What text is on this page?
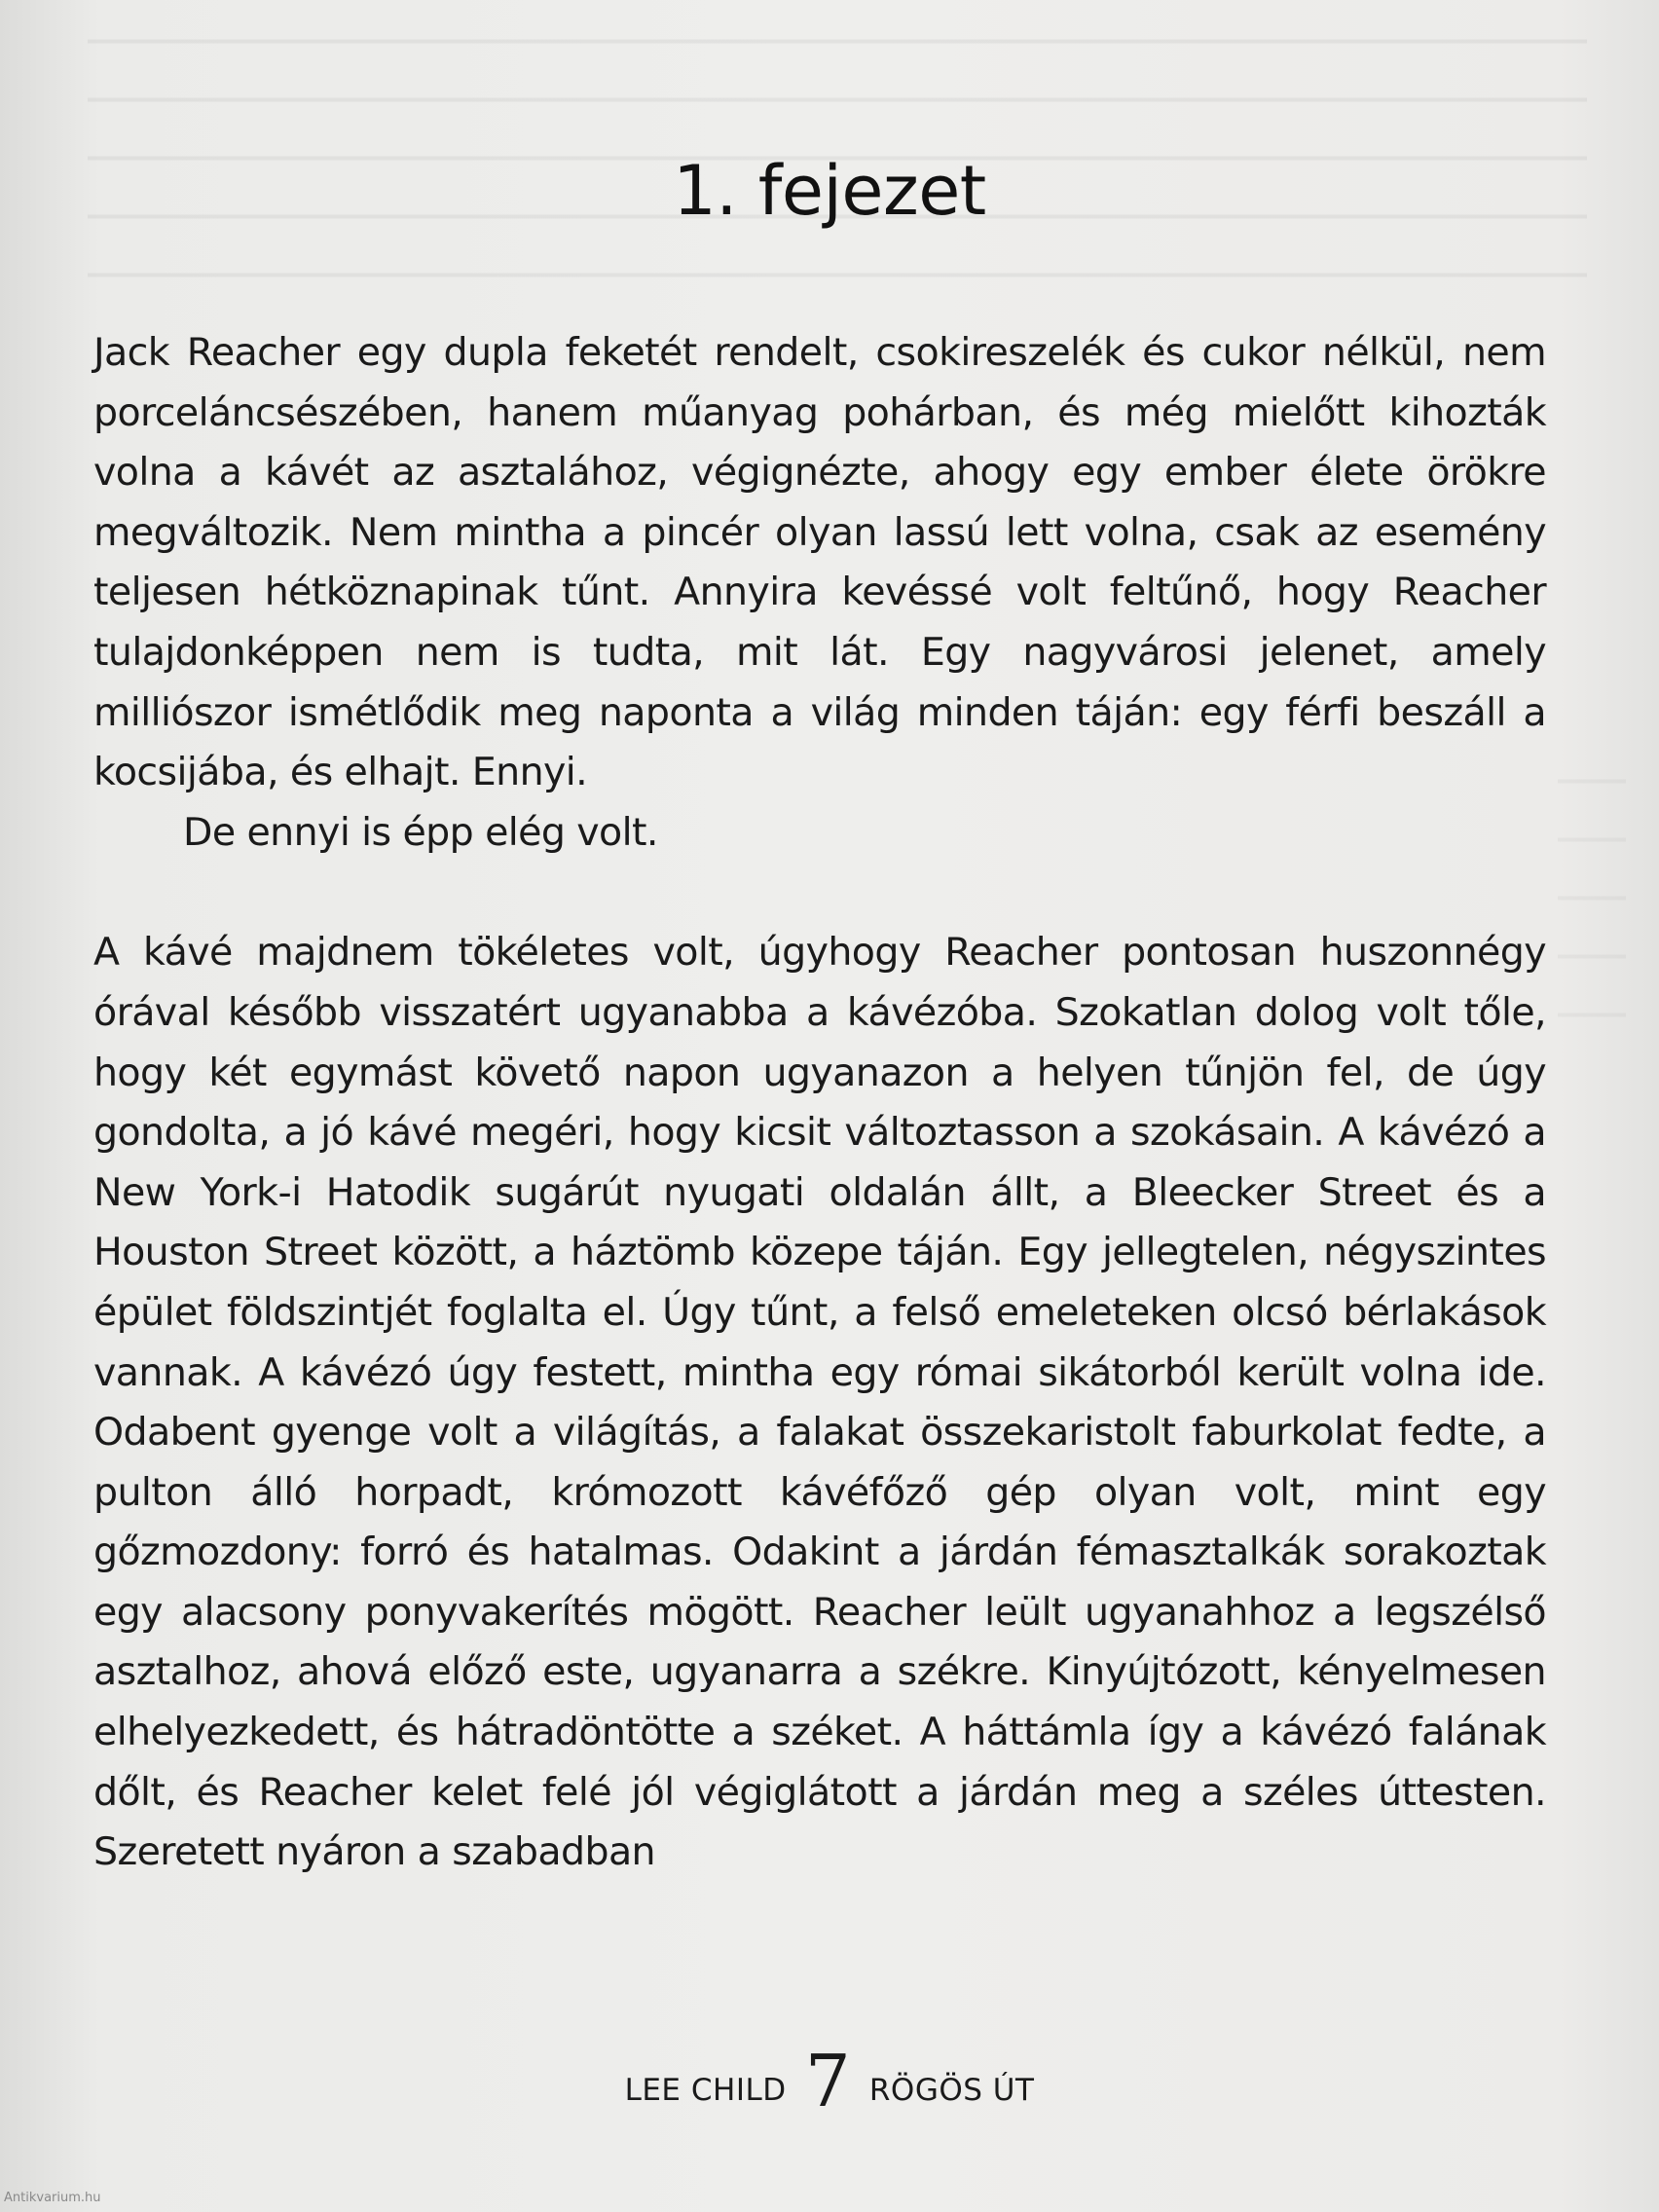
1. fejezet

Jack Reacher egy dupla feketét rendelt, csokireszelék és cukor nélkül, nem porceláncsészében, hanem műanyag pohárban, és még mielőtt kihozták volna a kávét az asztalához, végignézte, ahogy egy ember élete örökre megváltozik. Nem mintha a pincér olyan lassú lett volna, csak az esemény teljesen hétköznapinak tűnt. Annyira kevéssé volt feltűnő, hogy Reacher tulajdonképpen nem is tudta, mit lát. Egy nagyvárosi jelenet, amely milliószor ismétlődik meg naponta a világ minden táján: egy férfi beszáll a kocsijába, és elhajt. Ennyi.

De ennyi is épp elég volt.

A kávé majdnem tökéletes volt, úgyhogy Reacher pontosan huszonnégy órával később visszatért ugyanabba a kávézóba. Szokatlan dolog volt tőle, hogy két egymást követő napon ugyanazon a helyen tűnjön fel, de úgy gondolta, a jó kávé megéri, hogy kicsit változtasson a szokásain. A kávézó a New York-i Hatodik sugárút nyugati oldalán állt, a Bleecker Street és a Houston Street között, a háztömb közepe táján. Egy jellegtelen, négyszintes épület földszintjét foglalta el. Úgy tűnt, a felső emeleteken olcsó bérlakások vannak. A kávézó úgy festett, mintha egy római sikátorból került volna ide. Odabent gyenge volt a világítás, a falakat összekaristolt faburkolat fedte, a pulton álló horpadt, krómozott kávéfőző gép olyan volt, mint egy gőzmozdony: forró és hatalmas. Odakint a járdán fémasztalkák sorakoztak egy alacsony ponyvakerítés mögött. Reacher leült ugyanahhoz a legszélső asztalhoz, ahová előző este, ugyanarra a székre. Kinyújtózott, kényelmesen elhelyezkedett, és hátradöntötte a széket. A háttámla így a kávézó falának dőlt, és Reacher kelet felé jól végiglátott a járdán meg a széles úttesten. Szeretett nyáron a szabadban

LEE CHILD 7 RÖGÖS ÚT
Antikvarium.hu
